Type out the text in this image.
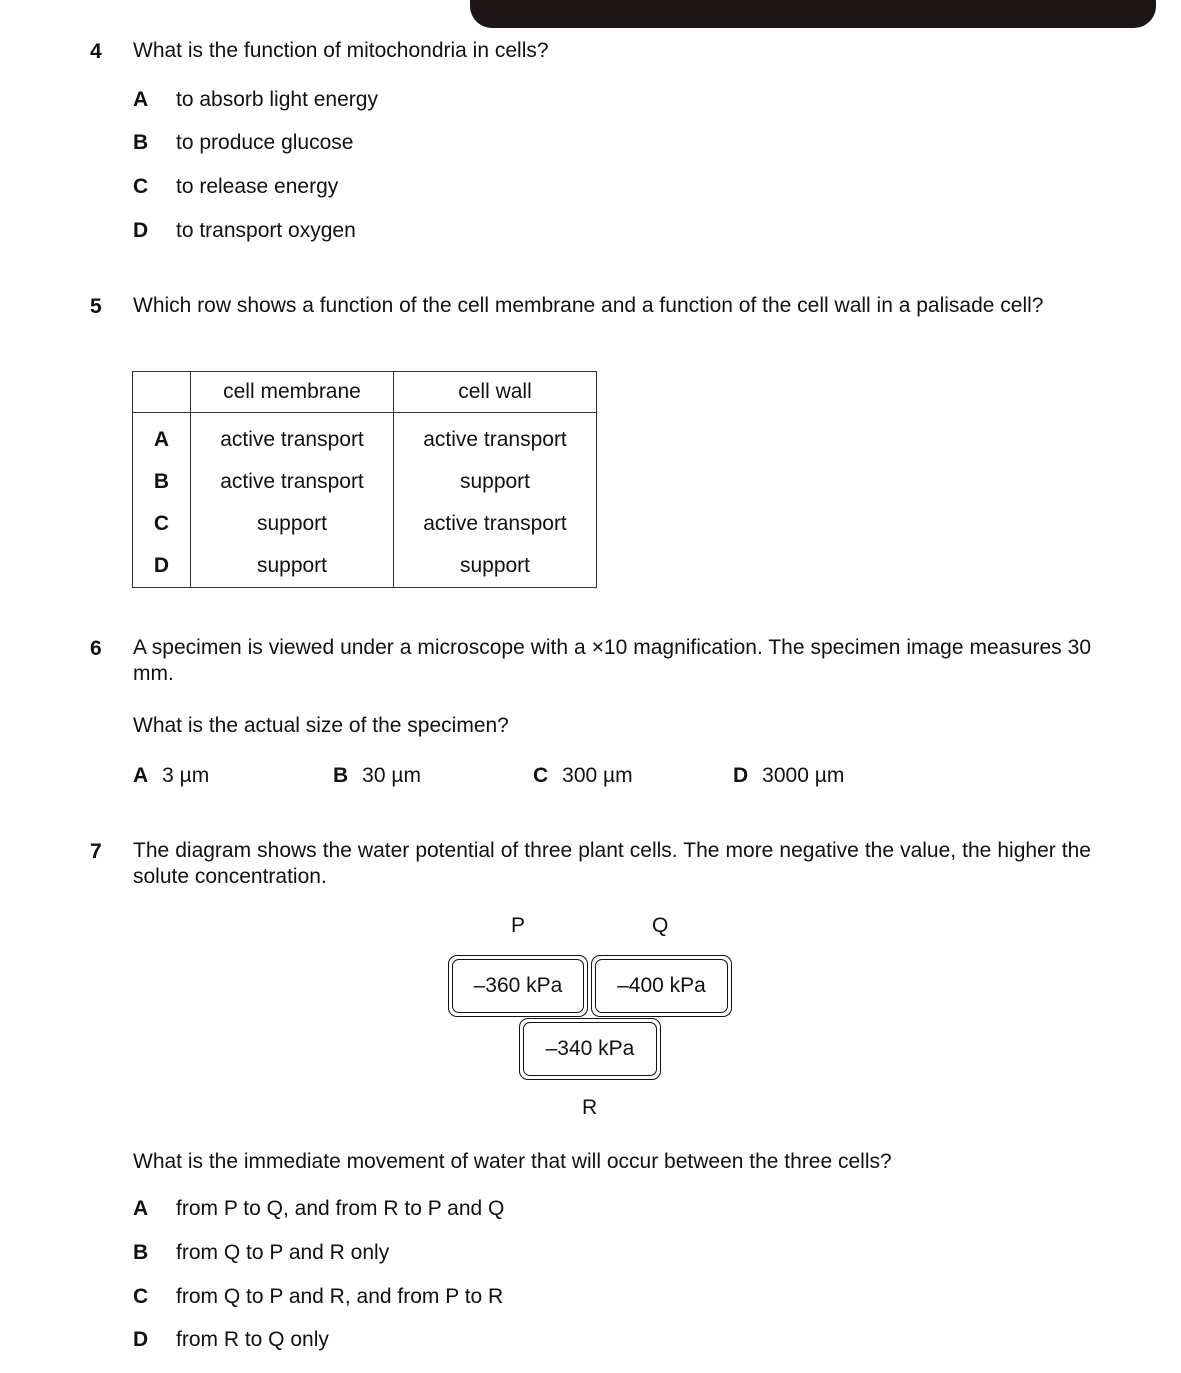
4 What is the function of mitochondria in cells?
A to absorb light energy
B to produce glucose
C to release energy
D to transport oxygen
5 Which row shows a function of the cell membrane and a function of the cell wall in a palisade cell?
	cell membrane	cell wall
A	active transport	active transport
B	active transport	support
C	support	active transport
D	support	support
6 A specimen is viewed under a microscope with a ×10 magnification. The specimen image measures 30 mm.
What is the actual size of the specimen?
A 3 µm	B 30 µm	C 300 µm	D 3000 µm
7 The diagram shows the water potential of three plant cells. The more negative the value, the higher the solute concentration.
P	Q
–360 kPa	–400 kPa
–340 kPa
R
What is the immediate movement of water that will occur between the three cells?
A from P to Q, and from R to P and Q
B from Q to P and R only
C from Q to P and R, and from P to R
D from R to Q only
